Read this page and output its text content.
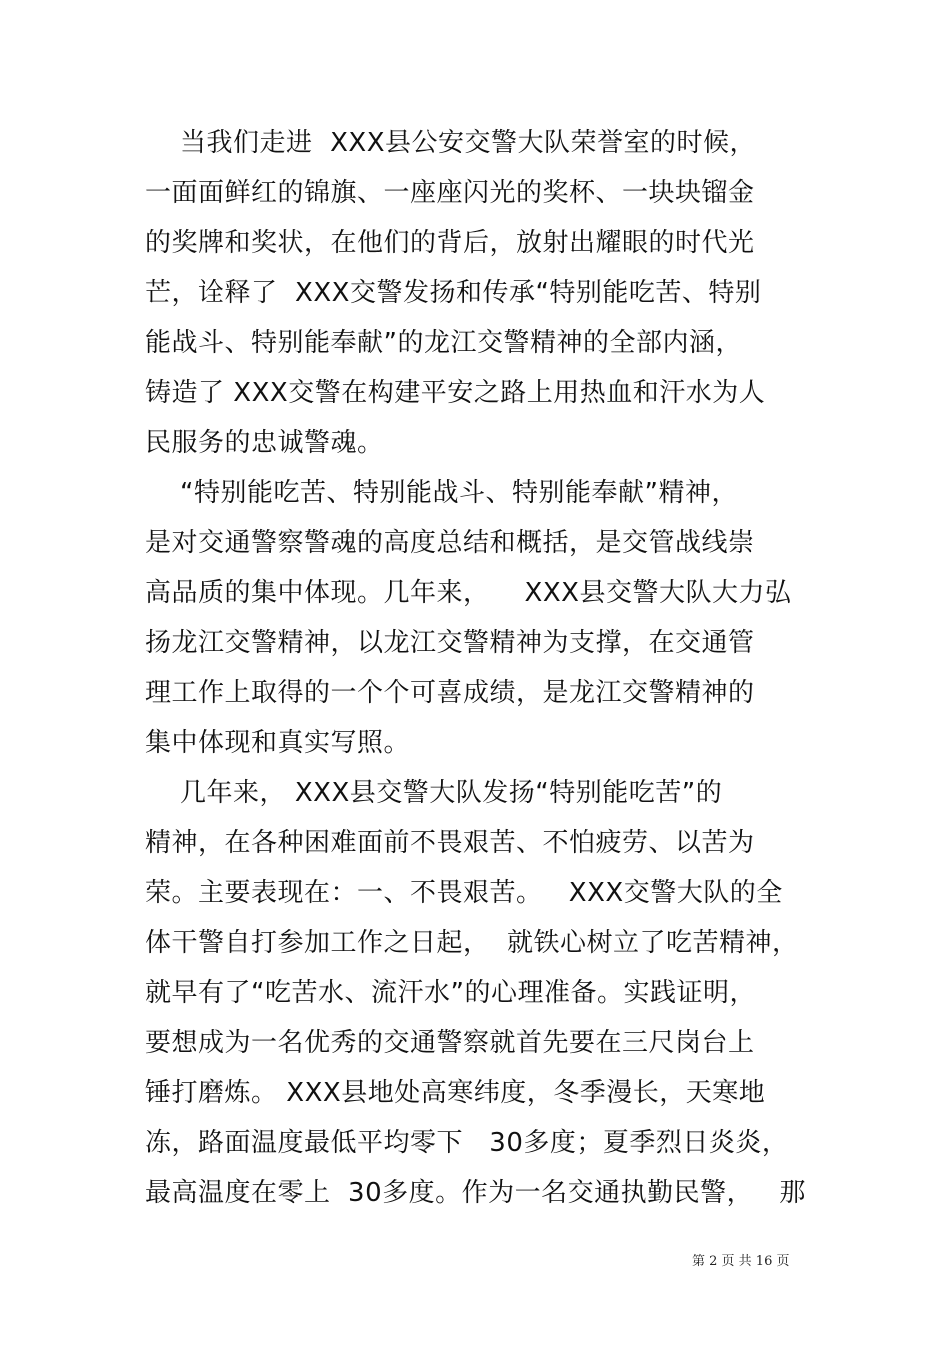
当我们走进  XXX县公安交警大队荣誉室的时候，
一面面鲜红的锦旗、一座座闪光的奖杯、一块块镏金
的奖牌和奖状，在他们的背后，放射出耀眼的时代光
芒，诠释了  XXX交警发扬和传承“特别能吃苦、特别
能战斗、特别能奉献”的龙江交警精神的全部内涵，
铸造了 XXX交警在构建平安之路上用热血和汗水为人
民服务的忠诚警魂。
“特别能吃苦、特别能战斗、特别能奉献”精神，
是对交通警察警魂的高度总结和概括，是交管战线崇
高品质的集中体现。几年来，    XXX县交警大队大力弘
扬龙江交警精神，以龙江交警精神为支撑，在交通管
理工作上取得的一个个可喜成绩，是龙江交警精神的
集中体现和真实写照。
几年来， XXX县交警大队发扬“特别能吃苦”的
精神，在各种困难面前不畏艰苦、不怕疲劳、以苦为
荣。主要表现在：一、不畏艰苦。   XXX交警大队的全
体干警自打参加工作之日起，  就铁心树立了吃苦精神，
就早有了“吃苦水、流汗水”的心理准备。实践证明，
要想成为一名优秀的交通警察就首先要在三尺岗台上
锤打磨炼。 XXX县地处高寒纬度，冬季漫长，天寒地
冻，路面温度最低平均零下   30多度；夏季烈日炎炎，
最高温度在零上  30多度。作为一名交通执勤民警，   那
第 2 页 共 16 页
